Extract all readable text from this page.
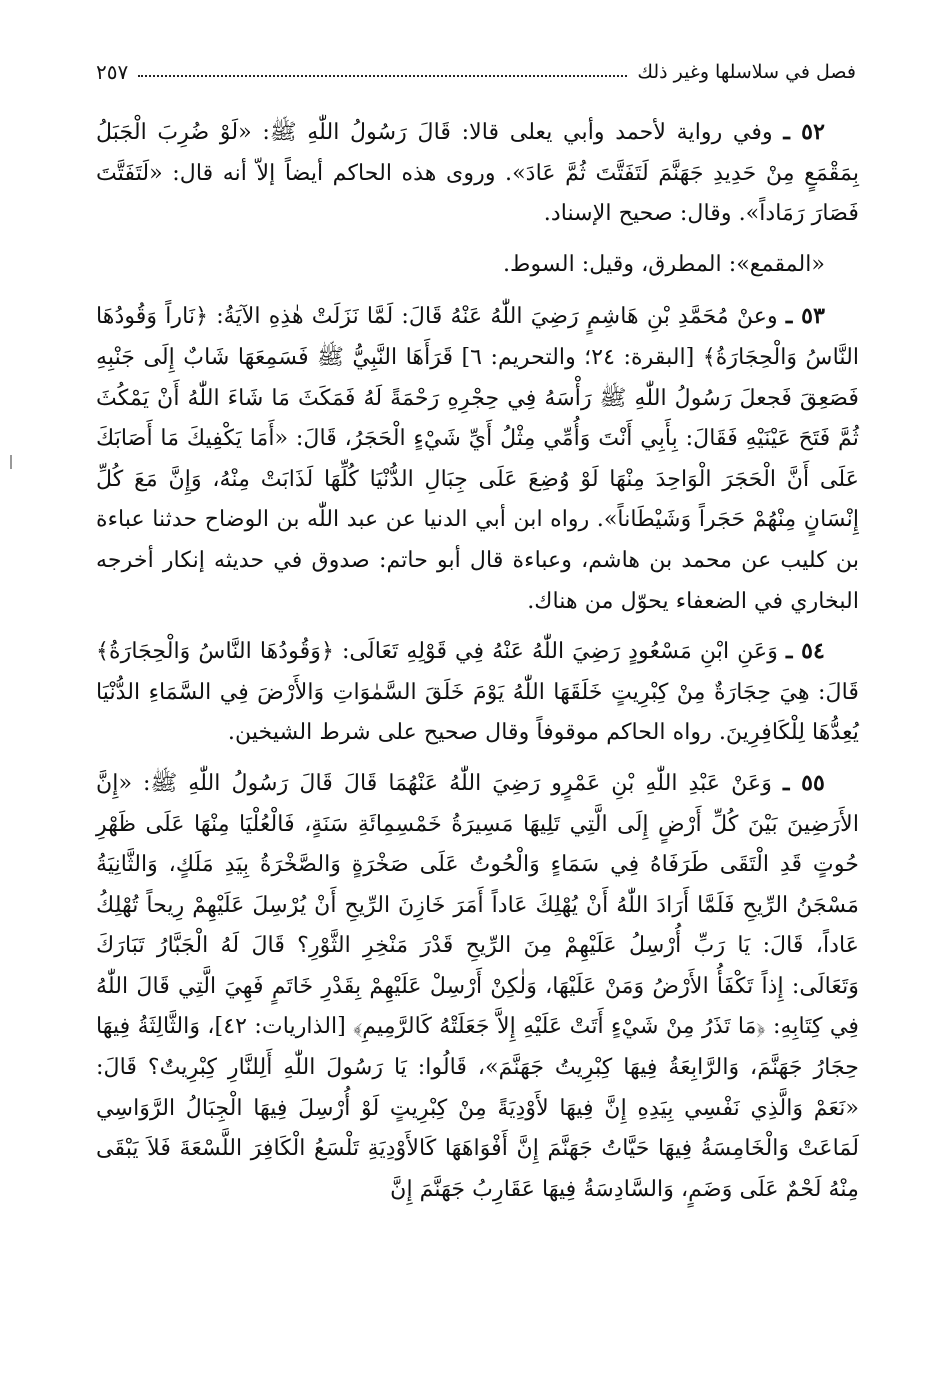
فصل في سلاسلها وغير ذلك
٢٥٧

٥٢ ـ وفي رواية لأحمد وأبي يعلى قالا: قَالَ رَسُولُ اللّٰهِ ﷺ: «لَوْ ضُرِبَ الْجَبَلُ بِمَقْمَعٍ مِنْ حَدِيدِ جَهَنَّمَ لَتَفَتَّتَ ثُمَّ عَادَ». وروى هذه الحاكم أيضاً إلاّ أنه قال: «لَتَفَتَّتَ فَصَارَ رَمَاداً». وقال: صحيح الإسناد.

«المقمع»: المطرق، وقيل: السوط.

٥٣ ـ وعنْ مُحَمَّدِ بْنِ هَاشِمٍ رَضِيَ اللّٰهُ عَنْهُ قَالَ: لَمَّا نَزَلَتْ هٰذِهِ الآيَةُ: ﴿نَاراً وَقُودُهَا النَّاسُ وَالْحِجَارَةُ﴾ [البقرة: ٢٤؛ والتحريم: ٦] قَرَأَهَا النَّبِيُّ ﷺ فَسَمِعَهَا شَابٌ إِلَى جَنْبِهِ فَصَعِقَ فَجعلَ رَسُولُ اللّٰهِ ﷺ رَأْسَهُ فِي حِجْرِهِ رَحْمَةً لَهُ فَمَكَثَ مَا شَاءَ اللّٰهُ أَنْ يَمْكُثَ ثُمَّ فَتَحَ عَيْنَيْهِ فَقَالَ: بِأَبِي أَنْتَ وَأُمِّي مِثْلُ أَيِّ شَيْءٍ الْحَجَرُ، قَالَ: «أَمَا يَكْفِيكَ مَا أَصَابَكَ عَلَى أَنَّ الْحَجَرَ الْوَاحِدَ مِنْهَا لَوْ وُضِعَ عَلَى جِبَالِ الدُّنْيَا كُلِّهَا لَذَابَتْ مِنْهُ، وَإِنَّ مَعَ كُلِّ إِنْسَانٍ مِنْهُمْ حَجَراً وَشَيْطَاناً». رواه ابن أبي الدنيا عن عبد اللّٰه بن الوضاح حدثنا عباءة بن كليب عن محمد بن هاشم، وعباءة قال أبو حاتم: صدوق في حديثه إنكار أخرجه البخاري في الضعفاء يحوّل من هناك.

٥٤ ـ وَعَنِ ابْنِ مَسْعُودٍ رَضِيَ اللّٰهُ عَنْهُ فِي قَوْلِهِ تَعَالَى: ﴿وَقُودُهَا النَّاسُ وَالْحِجَارَةُ﴾ قَالَ: هِيَ حِجَارَةٌ مِنْ كِبْرِيتٍ خَلَقَهَا اللّٰهُ يَوْمَ خَلَقَ السَّمٰوَاتِ وَالأَرْضَ فِي السَّمَاءِ الدُّنْيَا يُعِدُّهَا لِلْكَافِرِينَ. رواه الحاكم موقوفاً وقال صحيح على شرط الشيخين.

٥٥ ـ وَعَنْ عَبْدِ اللّٰهِ بْنِ عَمْرٍو رَضِيَ اللّٰهُ عَنْهُمَا قَالَ قَالَ رَسُولُ اللّٰهِ ﷺ: «إِنَّ الأَرَضِينَ بَيْنَ كُلِّ أَرْضٍ إِلَى الَّتِي تَلِيهَا مَسِيرَةُ خَمْسِمِائَةِ سَنَةٍ، فَالْعُلْيَا مِنْهَا عَلَى ظَهْرِ حُوتٍ قَدِ الْتَقَى طَرَفَاهُ فِي سَمَاءٍ وَالْحُوتُ عَلَى صَخْرَةٍ وَالصَّخْرَةُ بِيَدِ مَلَكٍ، وَالثَّانِيَةُ مَسْجَنُ الرِّيحِ فَلَمَّا أَرَادَ اللّٰهُ أَنْ يُهْلِكَ عَاداً أَمَرَ خَازِنَ الرِّيحِ أَنْ يُرْسِلَ عَلَيْهِمْ رِيحاً تُهْلِكُ عَاداً، قَالَ: يَا رَبِّ أُرْسِلُ عَلَيْهِمْ مِنَ الرِّيحِ قَدْرَ مَنْخِرِ الثَّوْرِ؟ قَالَ لَهُ الْجَبَّارُ تَبَارَكَ وَتَعَالَى: إِذاً تَكْفَأُ الأَرْضُ وَمَنْ عَلَيْهَا، وَلٰكِنْ أَرْسِلْ عَلَيْهِمْ بِقَدْرِ خَاتَمٍ فَهِيَ الَّتِي قَالَ اللّٰهُ فِي كِتَابِهِ: ﴿مَا تَذَرُ مِنْ شَيْءٍ أَتَتْ عَلَيْهِ إِلاَّ جَعَلَتْهُ كَالرَّمِيمِ﴾ [الذاريات: ٤٢]، وَالثَّالِثَةُ فِيهَا حِجَارُ جَهَنَّمَ، وَالرَّابِعَةُ فِيهَا كِبْرِيتُ جَهَنَّمَ»، قَالُوا: يَا رَسُولَ اللّٰهِ أَلِلنَّارِ كِبْرِيتٌ؟ قَالَ: «نَعَمْ وَالَّذِي نَفْسِي بِيَدِهِ إِنَّ فِيهَا لأَوْدِيَةً مِنْ كِبْرِيتٍ لَوْ أُرْسِلَ فِيهَا الْجِبَالُ الرَّوَاسِي لَمَاعَتْ وَالْخَامِسَةُ فِيهَا حَيَّاتُ جَهَنَّمَ إِنَّ أَفْوَاهَهَا كَالأَوْدِيَةِ تَلْسَعُ الْكَافِرَ اللَّسْعَةَ فَلاَ يَبْقَى مِنْهُ لَحْمٌ عَلَى وَضَمٍ، وَالسَّادِسَةُ فِيهَا عَقَارِبُ جَهَنَّمَ إِنَّ
